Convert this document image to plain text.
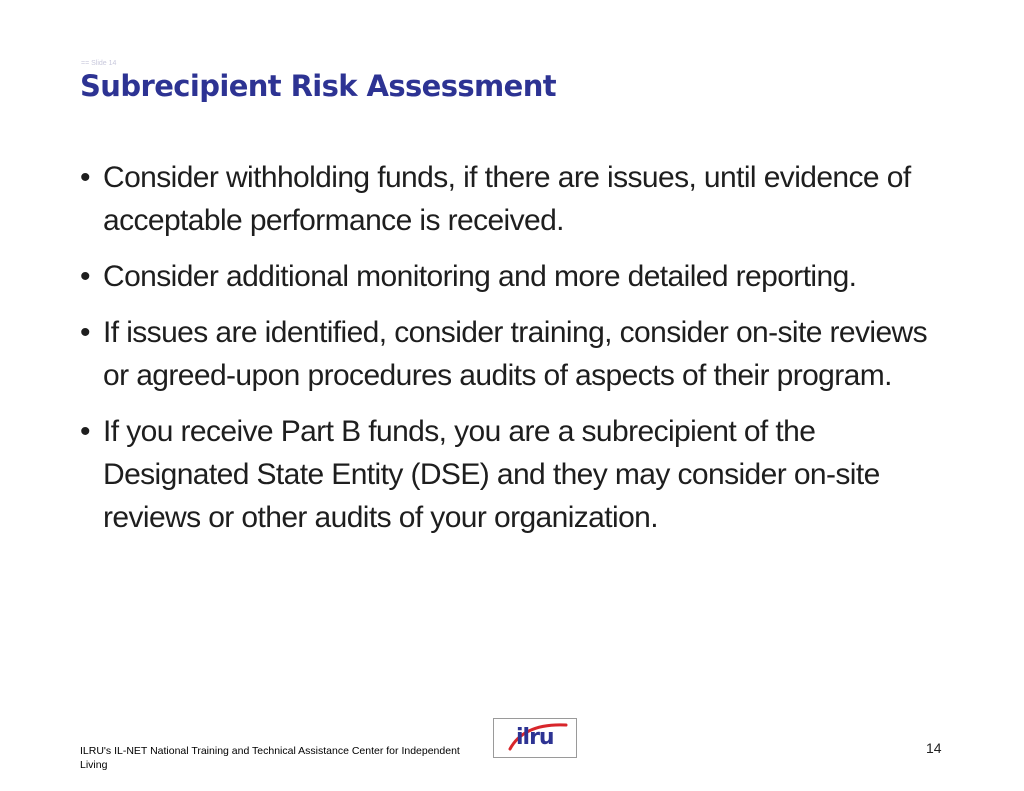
== Slide 14
Subrecipient Risk Assessment
• Consider withholding funds, if there are issues, until evidence of acceptable performance is received.
• Consider additional monitoring and more detailed reporting.
• If issues are identified, consider training, consider on-site reviews or agreed-upon procedures audits of aspects of their program.
• If you receive Part B funds, you are a subrecipient of the Designated State Entity (DSE) and they may consider on-site reviews or other audits of your organization.
ILRU's IL-NET National Training and Technical Assistance Center for Independent Living
ilru	14
